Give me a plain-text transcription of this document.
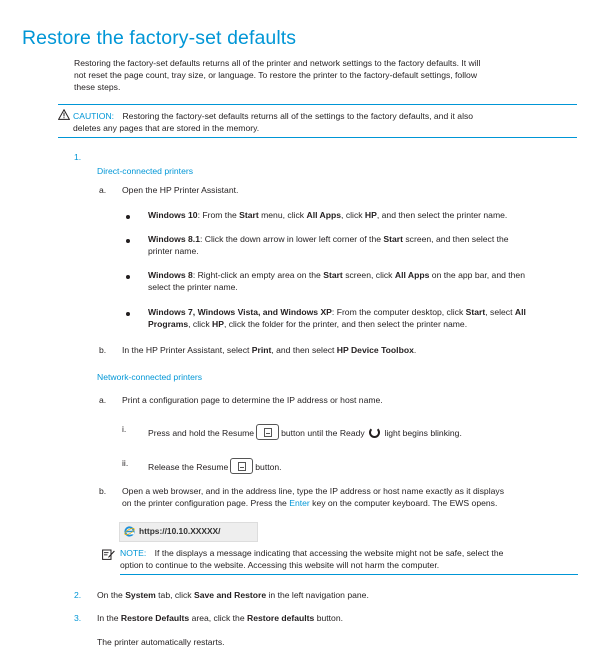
Restore the factory-set defaults
Restoring the factory-set defaults returns all of the printer and network settings to the factory defaults. It will
not reset the page count, tray size, or language. To restore the printer to the factory-default settings, follow
these steps.
CAUTION: Restoring the factory-set defaults returns all of the settings to the factory defaults, and it also
deletes any pages that are stored in the memory.
1.
Direct-connected printers
a. Open the HP Printer Assistant.
Windows 10: From the Start menu, click All Apps, click HP, and then select the printer name.
Windows 8.1: Click the down arrow in lower left corner of the Start screen, and then select the
printer name.
Windows 8: Right-click an empty area on the Start screen, click All Apps on the app bar, and then
select the printer name.
Windows 7, Windows Vista, and Windows XP: From the computer desktop, click Start, select All
Programs, click HP, click the folder for the printer, and then select the printer name.
b. In the HP Printer Assistant, select Print, and then select HP Device Toolbox.
Network-connected printers
a. Print a configuration page to determine the IP address or host name.
i.	Press and hold the Resume	button until the Ready light begins blinking.
ii. Release the Resume	button.
b. Open a web browser, and in the address line, type the IP address or host name exactly as it displays
on the printer configuration page. Press the Enter key on the computer keyboard. The EWS opens.
https://10.10.XXXXX/
NOTE: If the displays a message indicating that accessing the website might not be safe, select the
option to continue to the website. Accessing this website will not harm the computer.
2. On the System tab, click Save and Restore in the left navigation pane.
3. In the Restore Defaults area, click the Restore defaults button.
The printer automatically restarts.
